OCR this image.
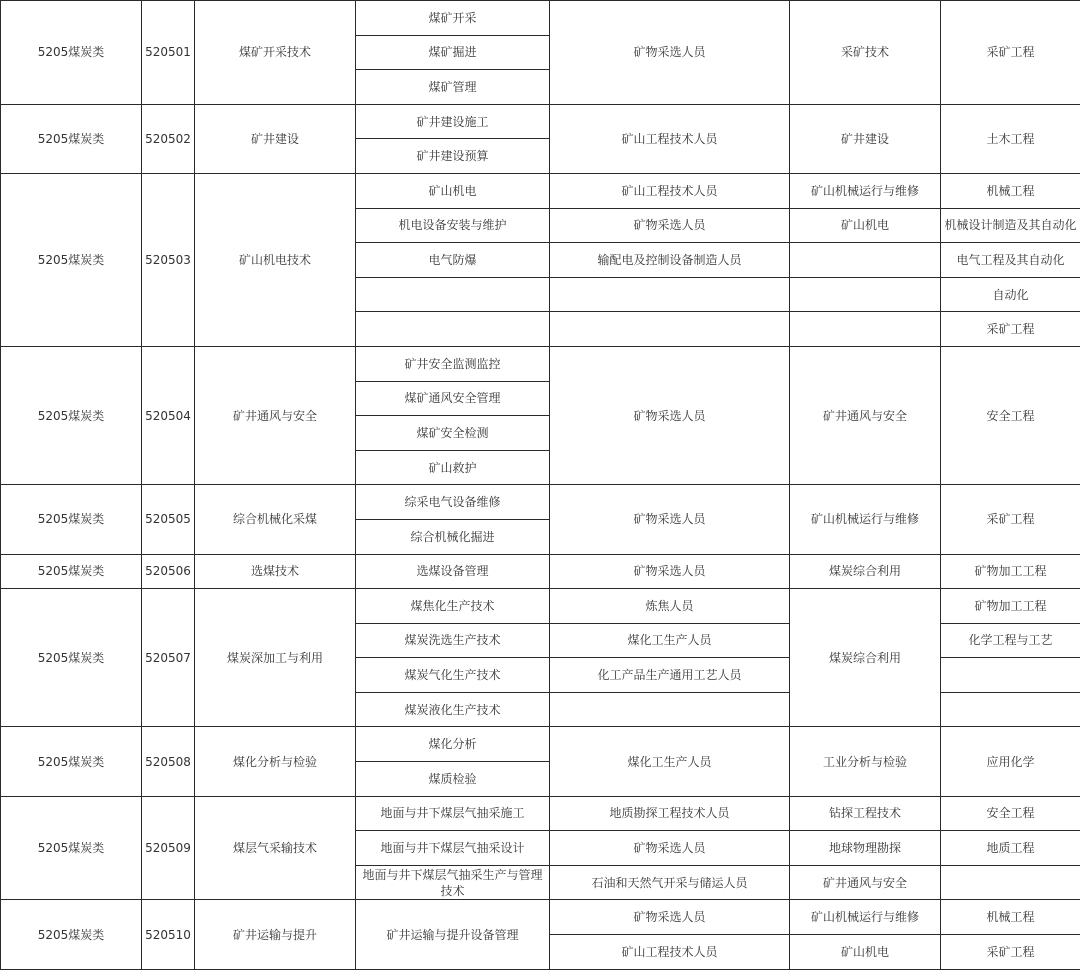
5205煤炭类	520501	煤矿开采技术	煤矿开采	矿物采选人员	采矿技术	采矿工程
			煤矿掘进			
			煤矿管理			
5205煤炭类	520502	矿井建设	矿井建设施工	矿山工程技术人员	矿井建设	土木工程
			矿井建设预算			
5205煤炭类	520503	矿山机电技术	矿山机电	矿山工程技术人员	矿山机械运行与维修	机械工程
			机电设备安装与维护	矿物采选人员	矿山机电	机械设计制造及其自动化
			电气防爆	输配电及控制设备制造人员		电气工程及其自动化
						自动化
						采矿工程
5205煤炭类	520504	矿井通风与安全	矿井安全监测监控	矿物采选人员	矿井通风与安全	安全工程
			煤矿通风安全管理			
			煤矿安全检测			
			矿山救护			
5205煤炭类	520505	综合机械化采煤	综采电气设备维修	矿物采选人员	矿山机械运行与维修	采矿工程
			综合机械化掘进			
5205煤炭类	520506	选煤技术	选煤设备管理	矿物采选人员	煤炭综合利用	矿物加工工程
5205煤炭类	520507	煤炭深加工与利用	煤焦化生产技术	炼焦人员	煤炭综合利用	矿物加工工程
			煤炭洗选生产技术	煤化工生产人员		化学工程与工艺
			煤炭气化生产技术	化工产品生产通用工艺人员		
			煤炭液化生产技术			
5205煤炭类	520508	煤化分析与检验	煤化分析	煤化工生产人员	工业分析与检验	应用化学
			煤质检验			
5205煤炭类	520509	煤层气采输技术	地面与井下煤层气抽采施工	地质勘探工程技术人员	钻探工程技术	安全工程
			地面与井下煤层气抽采设计	矿物采选人员	地球物理勘探	地质工程
			地面与井下煤层气抽采生产与管理技术	石油和天然气开采与储运人员	矿井通风与安全	
5205煤炭类	520510	矿井运输与提升	矿井运输与提升设备管理	矿物采选人员	矿山机械运行与维修	机械工程
				矿山工程技术人员	矿山机电	采矿工程
